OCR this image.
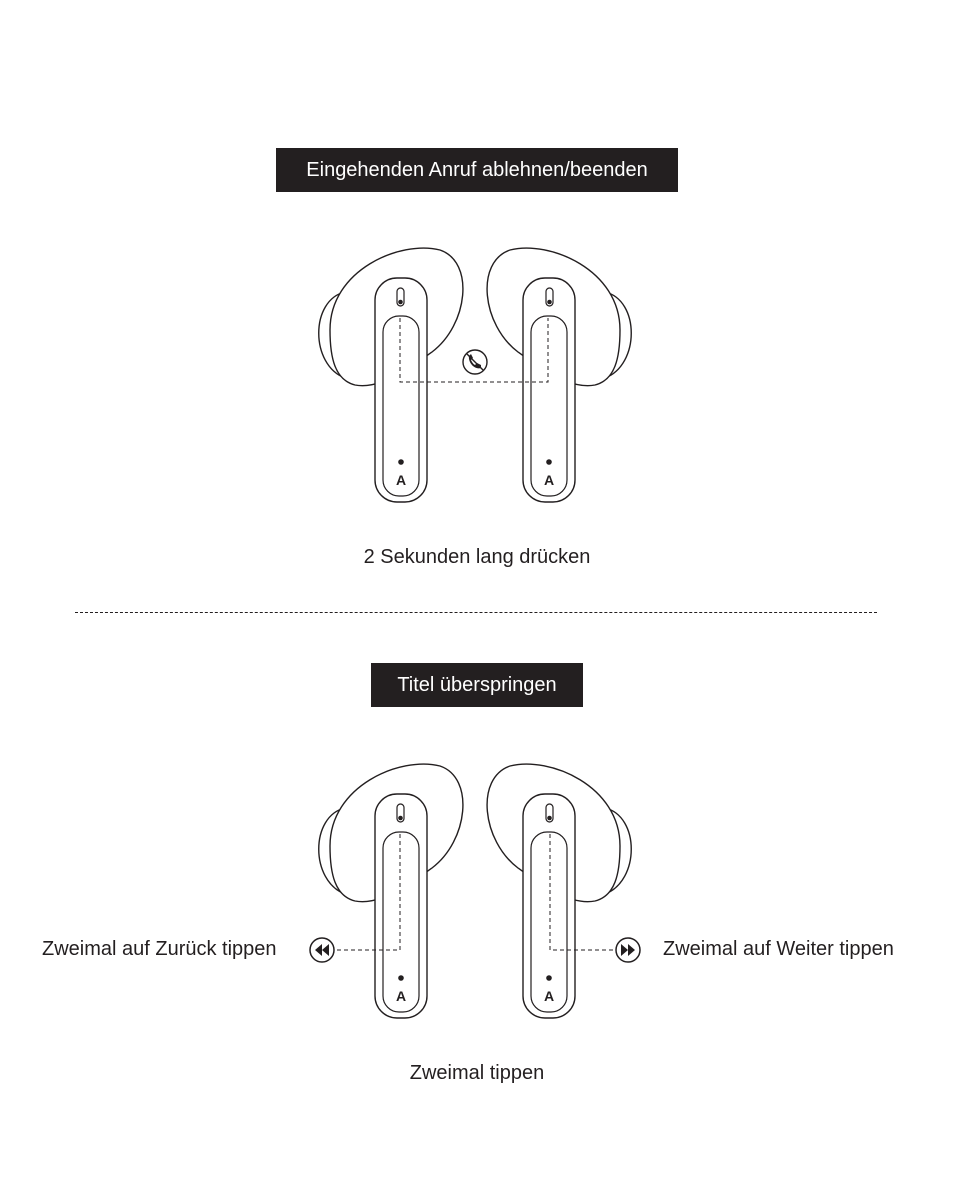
Eingehenden Anruf ablehnen/beenden
2 Sekunden lang drücken
Titel überspringen
Zweimal auf Zurück tippen	Zweimal auf Weiter tippen
Zweimal tippen
